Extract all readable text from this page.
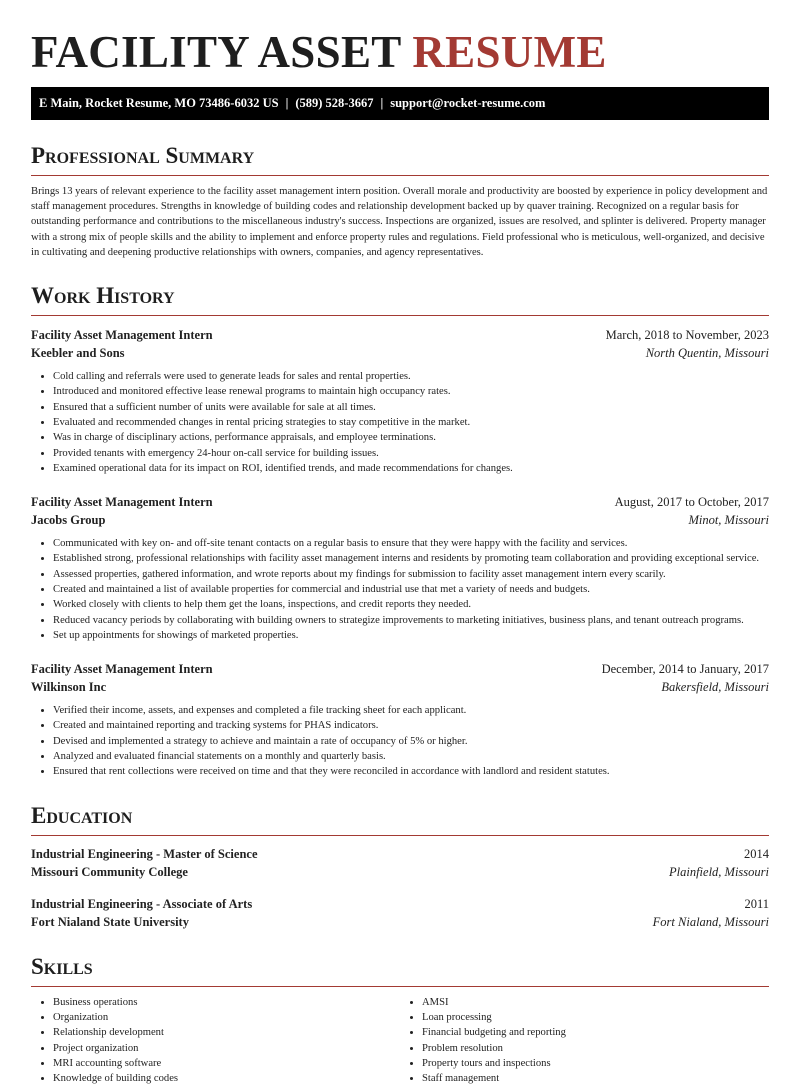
FACILITY ASSET RESUME
E Main, Rocket Resume, MO 73486-6032 US | (589) 528-3667 | support@rocket-resume.com
Professional Summary
Brings 13 years of relevant experience to the facility asset management intern position. Overall morale and productivity are boosted by experience in policy development and staff management procedures. Strengths in knowledge of building codes and relationship development backed up by quaver training. Recognized on a regular basis for outstanding performance and contributions to the miscellaneous industry's success. Inspections are organized, issues are resolved, and splinter is delivered. Property manager with a strong mix of people skills and the ability to implement and enforce property rules and regulations. Field professional who is meticulous, well-organized, and decisive in cultivating and deepening productive relationships with owners, companies, and agency representatives.
Work History
Facility Asset Management Intern	March, 2018 to November, 2023
Keebler and Sons	North Quentin, Missouri
• Cold calling and referrals were used to generate leads for sales and rental properties.
• Introduced and monitored effective lease renewal programs to maintain high occupancy rates.
• Ensured that a sufficient number of units were available for sale at all times.
• Evaluated and recommended changes in rental pricing strategies to stay competitive in the market.
• Was in charge of disciplinary actions, performance appraisals, and employee terminations.
• Provided tenants with emergency 24-hour on-call service for building issues.
• Examined operational data for its impact on ROI, identified trends, and made recommendations for changes.
Facility Asset Management Intern	August, 2017 to October, 2017
Jacobs Group	Minot, Missouri
• Communicated with key on- and off-site tenant contacts on a regular basis to ensure that they were happy with the facility and services.
• Established strong, professional relationships with facility asset management interns and residents by promoting team collaboration and providing exceptional service.
• Assessed properties, gathered information, and wrote reports about my findings for submission to facility asset management intern every scarily.
• Created and maintained a list of available properties for commercial and industrial use that met a variety of needs and budgets.
• Worked closely with clients to help them get the loans, inspections, and credit reports they needed.
• Reduced vacancy periods by collaborating with building owners to strategize improvements to marketing initiatives, business plans, and tenant outreach programs.
• Set up appointments for showings of marketed properties.
Facility Asset Management Intern	December, 2014 to January, 2017
Wilkinson Inc	Bakersfield, Missouri
• Verified their income, assets, and expenses and completed a file tracking sheet for each applicant.
• Created and maintained reporting and tracking systems for PHAS indicators.
• Devised and implemented a strategy to achieve and maintain a rate of occupancy of 5% or higher.
• Analyzed and evaluated financial statements on a monthly and quarterly basis.
• Ensured that rent collections were received on time and that they were reconciled in accordance with landlord and resident statutes.
Education
Industrial Engineering - Master of Science	2014
Missouri Community College	Plainfield, Missouri
Industrial Engineering - Associate of Arts	2011
Fort Nialand State University	Fort Nialand, Missouri
Skills
• Business operations
• Organization
• Relationship development
• Project organization
• MRI accounting software
• Knowledge of building codes
• AMSI
• Loan processing
• Financial budgeting and reporting
• Problem resolution
• Property tours and inspections
• Staff management
